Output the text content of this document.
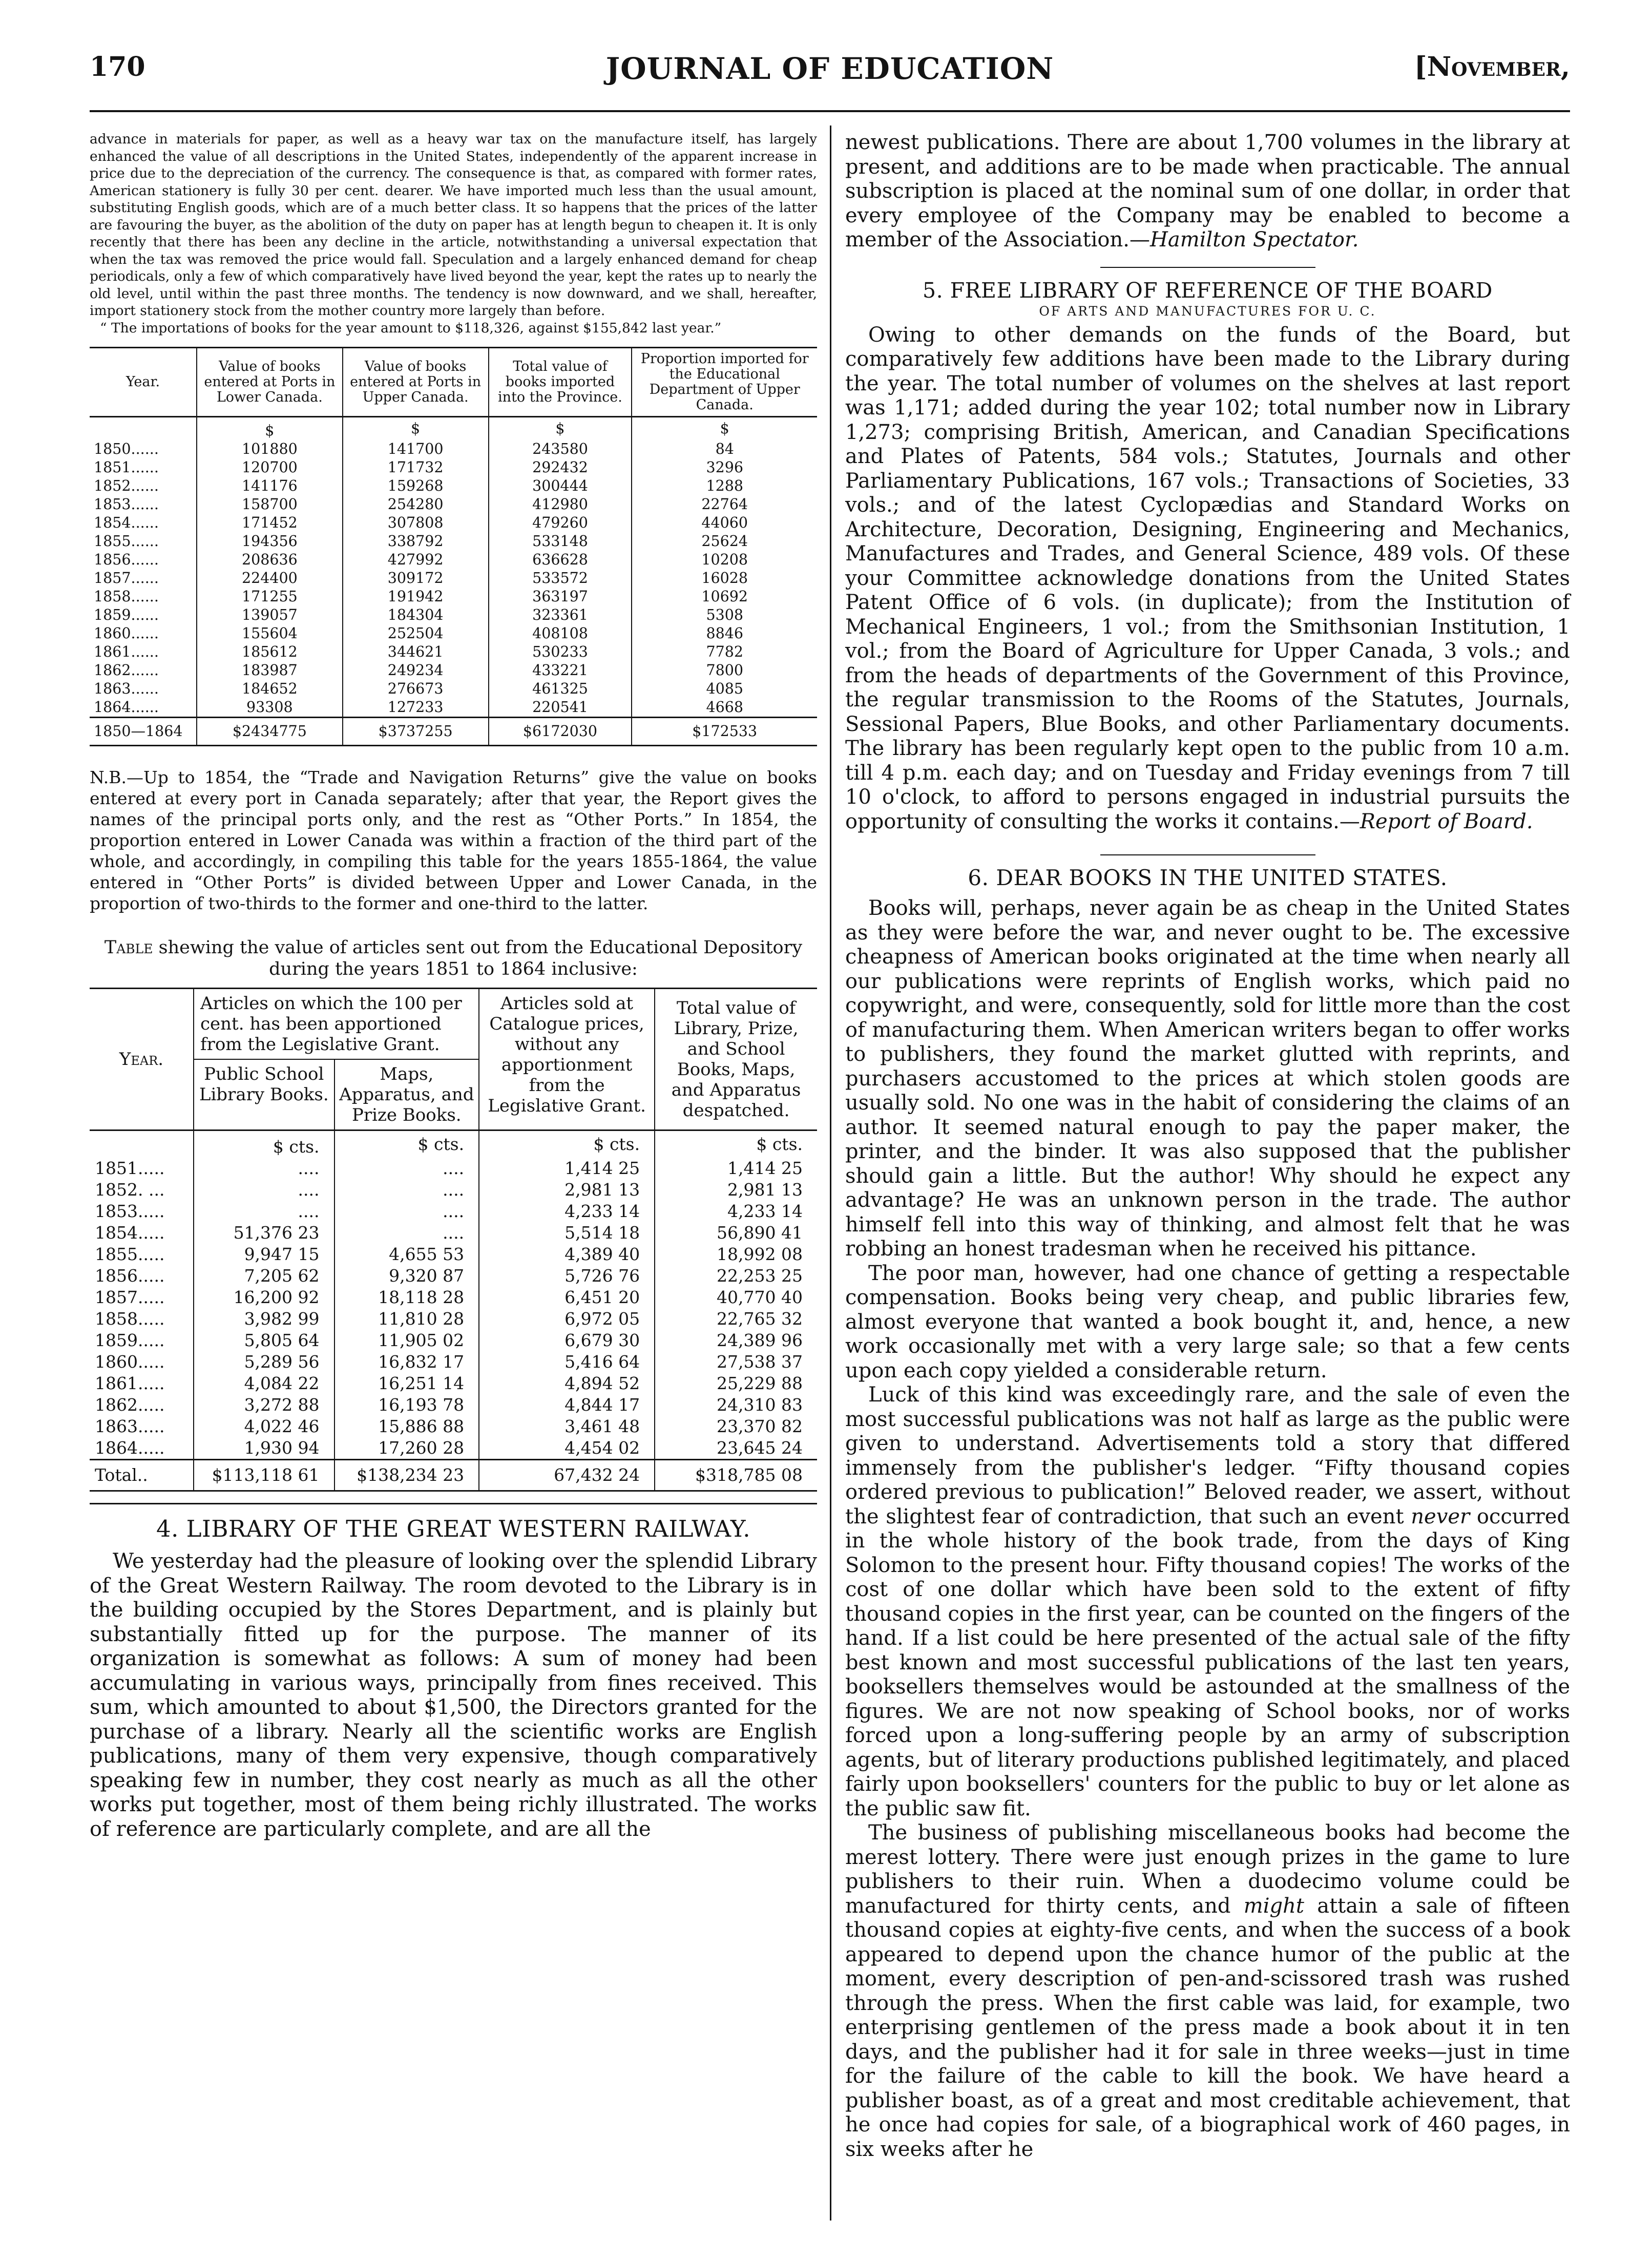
170	JOURNAL OF EDUCATION	[November,

advance in materials for paper, as well as a heavy war tax on the manufacture itself, has largely enhanced the value of all descriptions in the United States, independently of the apparent increase in price due to the depreciation of the currency. The consequence is that, as compared with former rates, American stationery is fully 30 per cent. dearer. We have imported much less than the usual amount, substituting English goods, which are of a much better class. It so happens that the prices of the latter are favouring the buyer, as the abolition of the duty on paper has at length begun to cheapen it. It is only recently that there has been any decline in the article, notwithstanding a universal expectation that when the tax was removed the price would fall. Speculation and a largely enhanced demand for cheap periodicals, only a few of which comparatively have lived beyond the year, kept the rates up to nearly the old level, until within the past three months. The tendency is now downward, and we shall, hereafter, import stationery stock from the mother country more largely than before.
“ The importations of books for the year amount to $118,326, against $155,842 last year.”

Year.	Value of books entered at Ports in Lower Canada.	Value of books entered at Ports in Upper Canada.	Total value of books imported into the Province.	Proportion imported for the Educational Department of Upper Canada.
	$	$	$	$
1850......	101880	141700	243580	84
1851......	120700	171732	292432	3296
1852......	141176	159268	300444	1288
1853......	158700	254280	412980	22764
1854......	171452	307808	479260	44060
1855......	194356	338792	533148	25624
1856......	208636	427992	636628	10208
1857......	224400	309172	533572	16028
1858......	171255	191942	363197	10692
1859......	139057	184304	323361	5308
1860......	155604	252504	408108	8846
1861......	185612	344621	530233	7782
1862......	183987	249234	433221	7800
1863......	184652	276673	461325	4085
1864......	93308	127233	220541	4668
1850—1864	$2434775	$3737255	$6172030	$172533

N.B.—Up to 1854, the “Trade and Navigation Returns” give the value on books entered at every port in Canada separately; after that year, the Report gives the names of the principal ports only, and the rest as “Other Ports.” In 1854, the proportion entered in Lower Canada was within a fraction of the third part of the whole, and accordingly, in compiling this table for the years 1855-1864, the value entered in “Other Ports” is divided between Upper and Lower Canada, in the proportion of two-thirds to the former and one-third to the latter.

Table shewing the value of articles sent out from the Educational Depository during the years 1851 to 1864 inclusive:

Year.	Articles on which the 100 per cent. has been apportioned from the Legislative Grant.		Articles sold at Catalogue prices, without any apportionment from the Legislative Grant.	Total value of Library, Prize, and School Books, Maps, and Apparatus despatched.
	Public School Library Books.	Maps, Apparatus, and Prize Books.		
	$ cts.	$ cts.	$ cts.	$ cts.
1851.....	....	....	1,414 25	1,414 25
1852. ...	....	....	2,981 13	2,981 13
1853.....	....	....	4,233 14	4,233 14
1854.....	51,376 23	....	5,514 18	56,890 41
1855.....	9,947 15	4,655 53	4,389 40	18,992 08
1856.....	7,205 62	9,320 87	5,726 76	22,253 25
1857.....	16,200 92	18,118 28	6,451 20	40,770 40
1858.....	3,982 99	11,810 28	6,972 05	22,765 32
1859.....	5,805 64	11,905 02	6,679 30	24,389 96
1860.....	5,289 56	16,832 17	5,416 64	27,538 37
1861.....	4,084 22	16,251 14	4,894 52	25,229 88
1862.....	3,272 88	16,193 78	4,844 17	24,310 83
1863.....	4,022 46	15,886 88	3,461 48	23,370 82
1864.....	1,930 94	17,260 28	4,454 02	23,645 24
Total..	$113,118 61	$138,234 23	67,432 24	$318,785 08

4. LIBRARY OF THE GREAT WESTERN RAILWAY.

We yesterday had the pleasure of looking over the splendid Library of the Great Western Railway. The room devoted to the Library is in the building occupied by the Stores Department, and is plainly but substantially fitted up for the purpose. The manner of its organization is somewhat as follows: A sum of money had been accumulating in various ways, principally from fines received. This sum, which amounted to about $1,500, the Directors granted for the purchase of a library. Nearly all the scientific works are English publications, many of them very expensive, though comparatively speaking few in number, they cost nearly as much as all the other works put together, most of them being richly illustrated. The works of reference are particularly complete, and are all the

newest publications. There are about 1,700 volumes in the library at present, and additions are to be made when practicable. The annual subscription is placed at the nominal sum of one dollar, in order that every employee of the Company may be enabled to become a member of the Association.—Hamilton Spectator.

5. FREE LIBRARY OF REFERENCE OF THE BOARD

OF ARTS AND MANUFACTURES FOR U. C.

Owing to other demands on the funds of the Board, but comparatively few additions have been made to the Library during the year. The total number of volumes on the shelves at last report was 1,171; added during the year 102; total number now in Library 1,273; comprising British, American, and Canadian Specifications and Plates of Patents, 584 vols.; Statutes, Journals and other Parliamentary Publications, 167 vols.; Transactions of Societies, 33 vols.; and of the latest Cyclopædias and Standard Works on Architecture, Decoration, Designing, Engineering and Mechanics, Manufactures and Trades, and General Science, 489 vols. Of these your Committee acknowledge donations from the United States Patent Office of 6 vols. (in duplicate); from the Institution of Mechanical Engineers, 1 vol.; from the Smithsonian Institution, 1 vol.; from the Board of Agriculture for Upper Canada, 3 vols.; and from the heads of departments of the Government of this Province, the regular transmission to the Rooms of the Statutes, Journals, Sessional Papers, Blue Books, and other Parliamentary documents. The library has been regularly kept open to the public from 10 a.m. till 4 p.m. each day; and on Tuesday and Friday evenings from 7 till 10 o'clock, to afford to persons engaged in industrial pursuits the opportunity of consulting the works it contains.—Report of Board.

6. DEAR BOOKS IN THE UNITED STATES.

Books will, perhaps, never again be as cheap in the United States as they were before the war, and never ought to be. The excessive cheapness of American books originated at the time when nearly all our publications were reprints of English works, which paid no copywright, and were, consequently, sold for little more than the cost of manufacturing them. When American writers began to offer works to publishers, they found the market glutted with reprints, and purchasers accustomed to the prices at which stolen goods are usually sold. No one was in the habit of considering the claims of an author. It seemed natural enough to pay the paper maker, the printer, and the binder. It was also supposed that the publisher should gain a little. But the author! Why should he expect any advantage? He was an unknown person in the trade. The author himself fell into this way of thinking, and almost felt that he was robbing an honest tradesman when he received his pittance.

The poor man, however, had one chance of getting a respectable compensation. Books being very cheap, and public libraries few, almost everyone that wanted a book bought it, and, hence, a new work occasionally met with a very large sale; so that a few cents upon each copy yielded a considerable return.

Luck of this kind was exceedingly rare, and the sale of even the most successful publications was not half as large as the public were given to understand. Advertisements told a story that differed immensely from the publisher's ledger. “Fifty thousand copies ordered previous to publication!” Beloved reader, we assert, without the slightest fear of contradiction, that such an event never occurred in the whole history of the book trade, from the days of King Solomon to the present hour. Fifty thousand copies! The works of the cost of one dollar which have been sold to the extent of fifty thousand copies in the first year, can be counted on the fingers of the hand. If a list could be here presented of the actual sale of the fifty best known and most successful publications of the last ten years, booksellers themselves would be astounded at the smallness of the figures. We are not now speaking of School books, nor of works forced upon a long-suffering people by an army of subscription agents, but of literary productions published legitimately, and placed fairly upon booksellers' counters for the public to buy or let alone as the public saw fit.

The business of publishing miscellaneous books had become the merest lottery. There were just enough prizes in the game to lure publishers to their ruin. When a duodecimo volume could be manufactured for thirty cents, and might attain a sale of fifteen thousand copies at eighty-five cents, and when the success of a book appeared to depend upon the chance humor of the public at the moment, every description of pen-and-scissored trash was rushed through the press. When the first cable was laid, for example, two enterprising gentlemen of the press made a book about it in ten days, and the publisher had it for sale in three weeks—just in time for the failure of the cable to kill the book. We have heard a publisher boast, as of a great and most creditable achievement, that he once had copies for sale, of a biographical work of 460 pages, in six weeks after he
